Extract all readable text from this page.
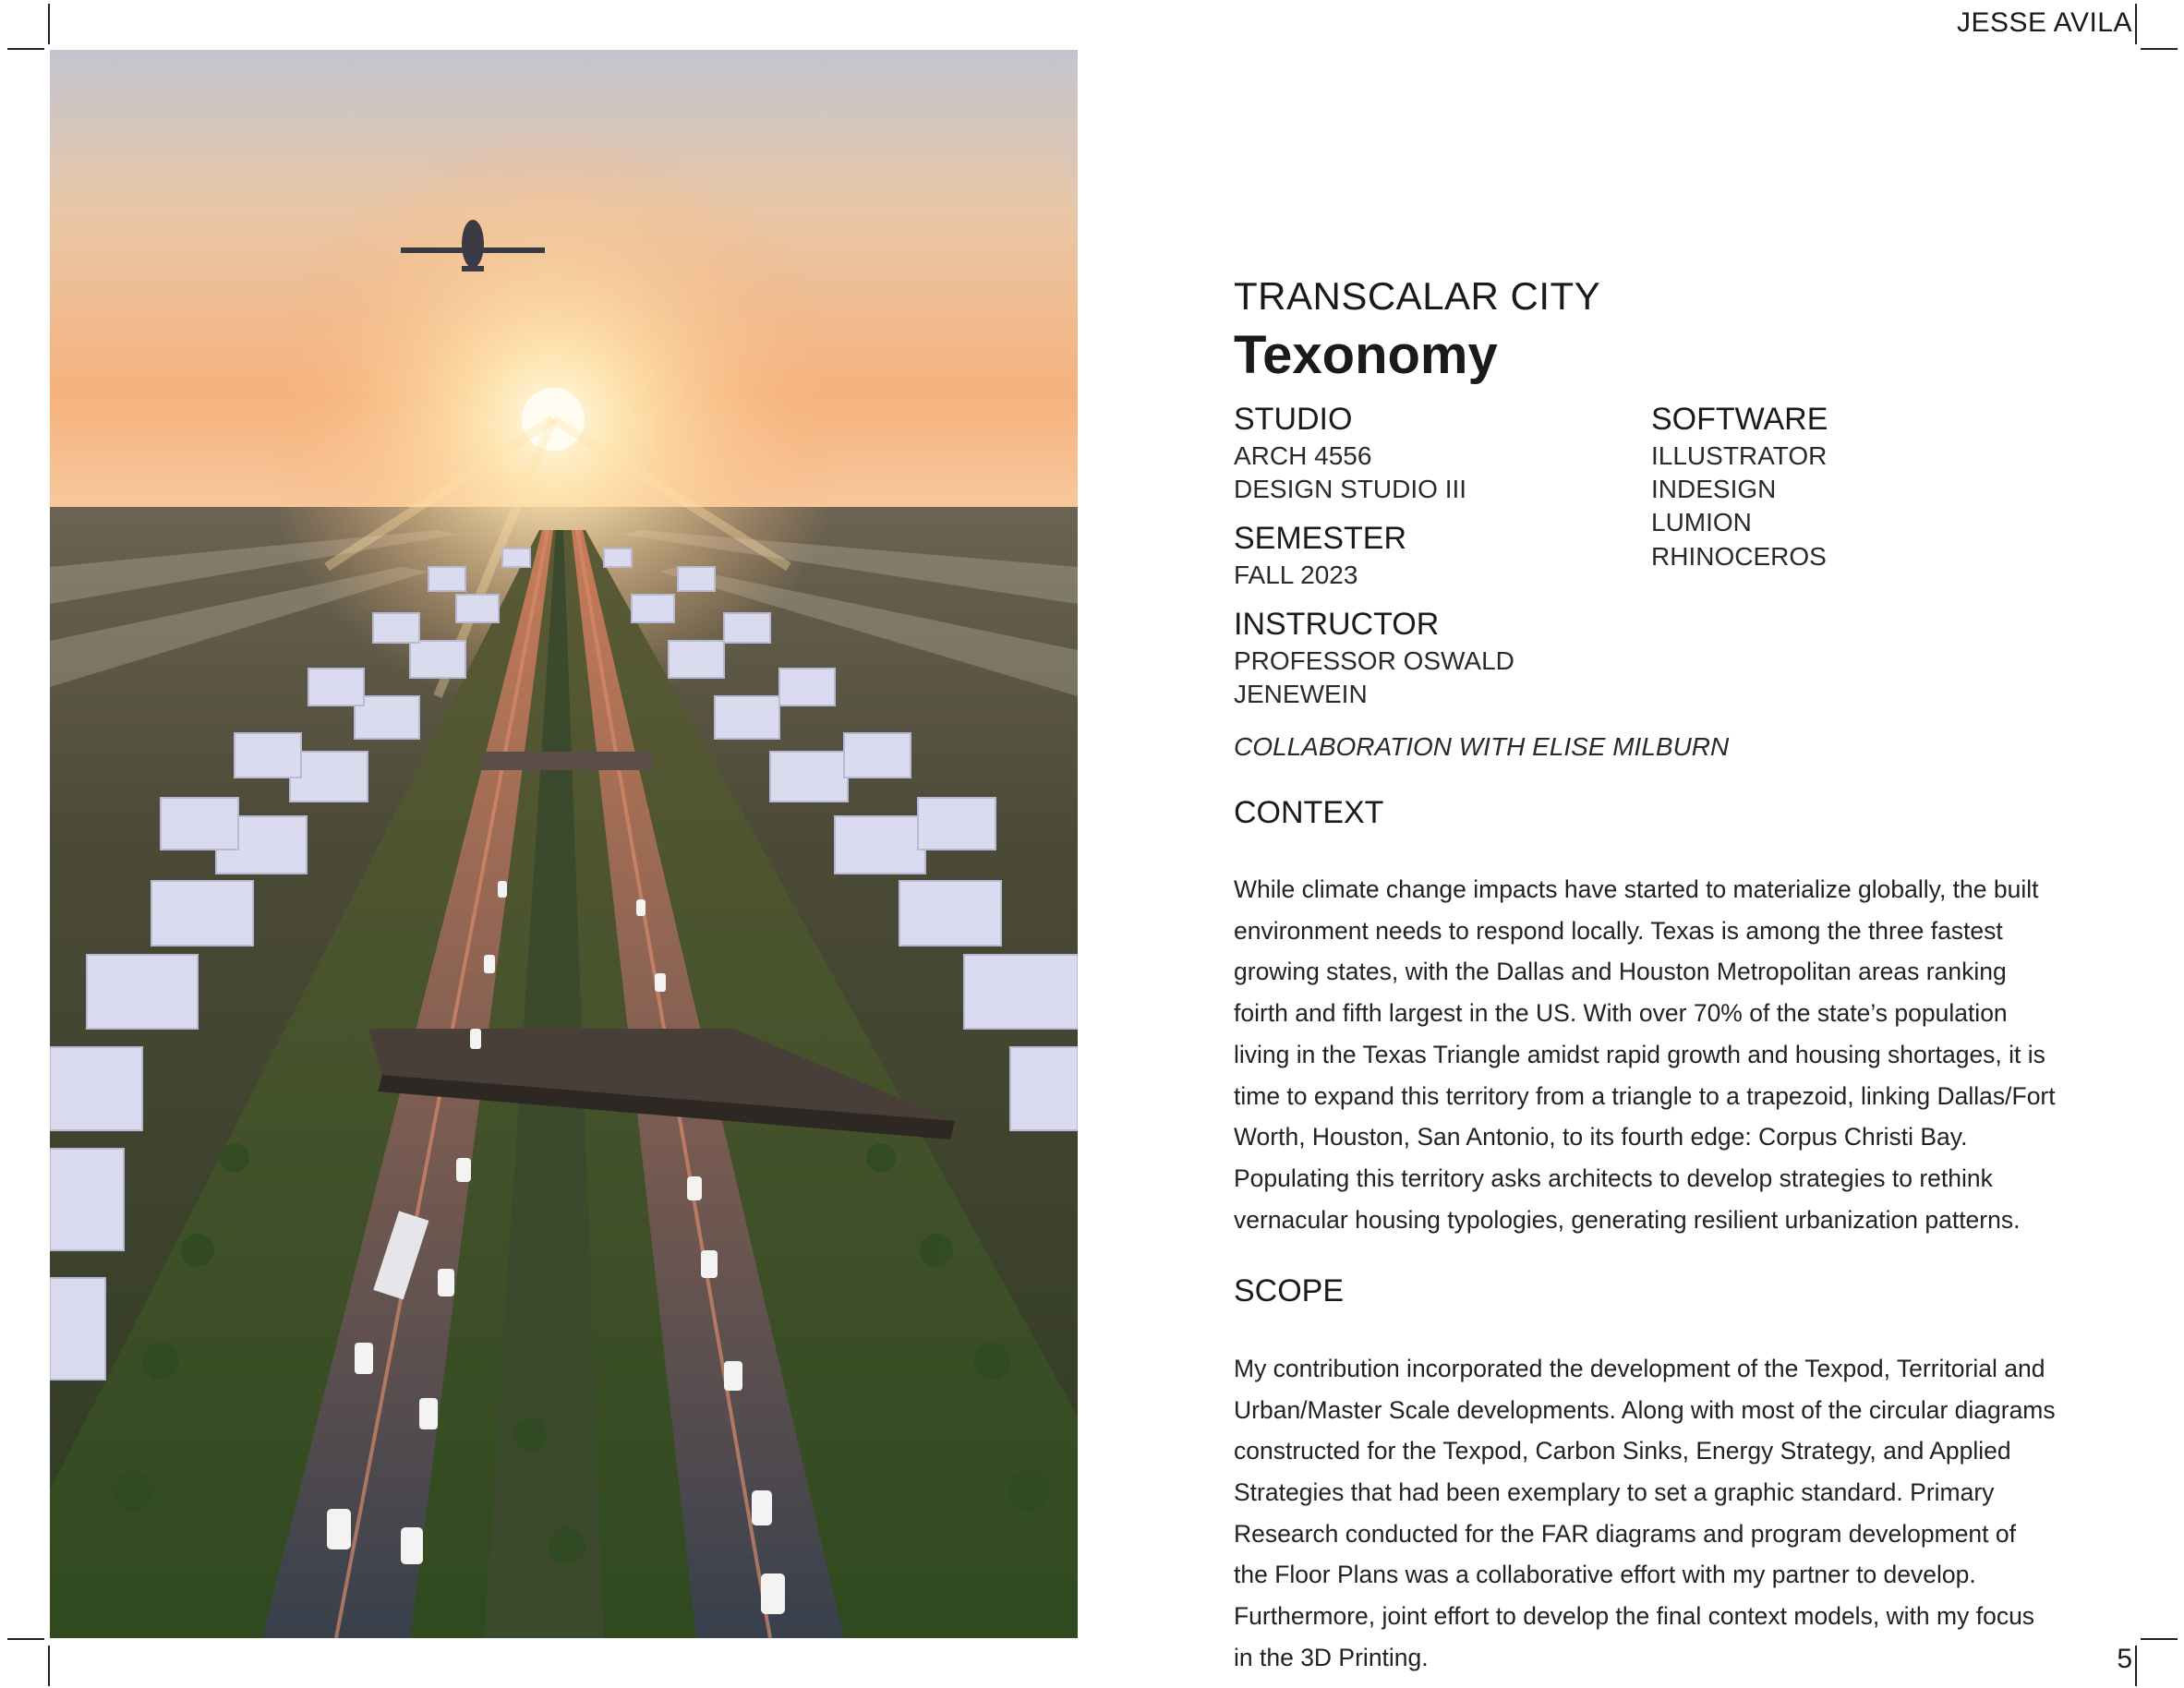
JESSE AVILA
TRANSCALAR CITY
Texonomy

STUDIO

ARCH 4556

DESIGN STUDIO III

SEMESTER

FALL 2023

INSTRUCTOR

PROFESSOR OSWALD JENEWEIN

SOFTWARE

ILLUSTRATOR

INDESIGN

LUMION

RHINOCEROS

COLLABORATION WITH ELISE MILBURN

CONTEXT

While climate change impacts have started to materialize globally, the built environment needs to respond locally. Texas is among the three fastest growing states, with the Dallas and Houston Metropolitan areas ranking foirth and fifth largest in the US. With over 70% of the state’s population living in the Texas Triangle amidst rapid growth and housing shortages, it is time to expand this territory from a triangle to a trapezoid, linking Dallas/Fort Worth, Houston, San Antonio, to its fourth edge: Corpus Christi Bay. Populating this territory asks architects to develop strategies to rethink vernacular housing typologies, generating resilient urbanization patterns.

SCOPE

My contribution incorporated the development of the Texpod, Territorial and Urban/Master Scale developments. Along with most of the circular diagrams constructed for the Texpod, Carbon Sinks, Energy Strategy, and Applied Strategies that had been exemplary to set a graphic standard. Primary Research conducted for the FAR diagrams and program development of the Floor Plans was a collaborative effort with my partner to develop. Furthermore, joint effort to develop the final context models, with my focus in the 3D Printing.	5
